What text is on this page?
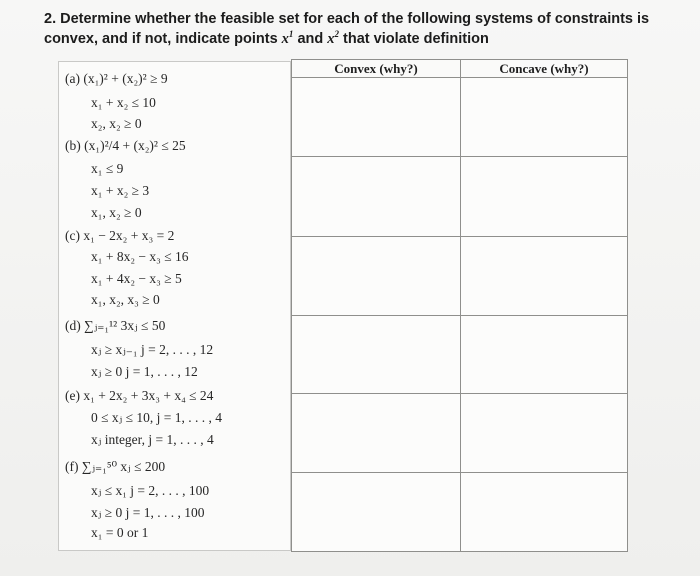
2. Determine whether the feasible set for each of the following systems of constraints is
convex, and if not, indicate points $x^1$ and $x^2$ that violate definition
(a) (x₁)² + (x₂)² ≥ 9
x₁ + x₂ ≤ 10
x₂, x₂ ≥ 0
(b) (x₁)²/4 + (x₂)² ≤ 25
x₁ ≤ 9
x₁ + x₂ ≥ 3
x₁, x₂ ≥ 0
(c) x₁ − 2x₂ + x₃ = 2
x₁ + 8x₂ − x₃ ≤ 16
x₁ + 4x₂ − x₃ ≥ 5
x₁, x₂, x₃ ≥ 0
(d) ∑ⱼ₌₁¹² 3xⱼ ≤ 50
xⱼ ≥ xⱼ₋₁ j = 2, . . . , 12
xⱼ ≥ 0 j = 1, . . . , 12
(e) x₁ + 2x₂ + 3x₃ + x₄ ≤ 24
0 ≤ xⱼ ≤ 10, j = 1, . . . , 4
xⱼ integer, j = 1, . . . , 4
(f) ∑ⱼ₌₁⁵⁰ xⱼ ≤ 200
xⱼ ≤ x₁ j = 2, . . . , 100
xⱼ ≥ 0 j = 1, . . . , 100
x₁ = 0 or 1
Convex (why?)	Concave (why?)
